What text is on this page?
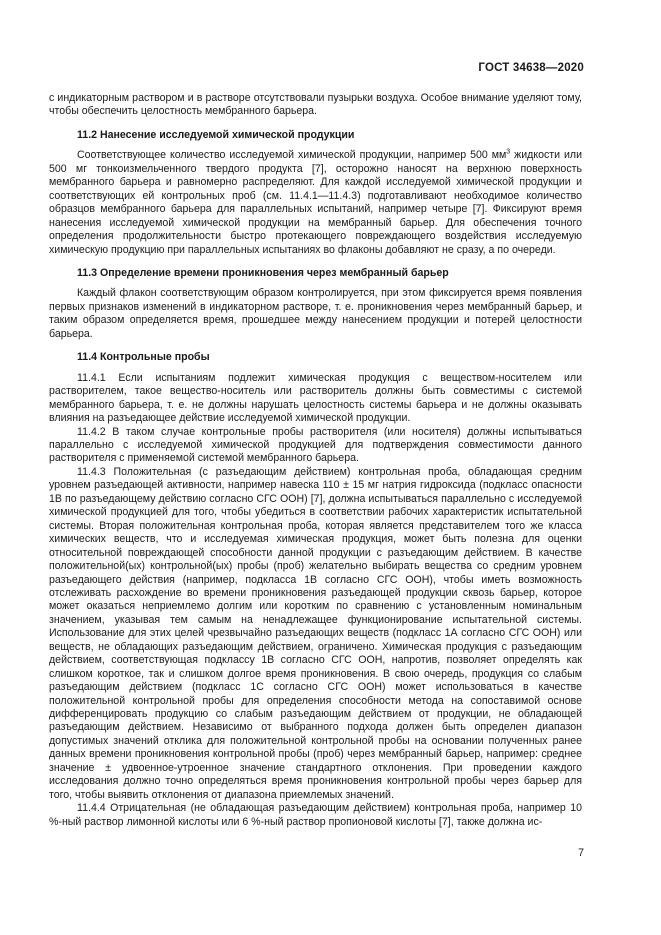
ГОСТ 34638—2020

с индикаторным раствором и в растворе отсутствовали пузырьки воздуха. Особое внимание уделяют тому, чтобы обеспечить целостность мембранного барьера.

11.2 Нанесение исследуемой химической продукции

Соответствующее количество исследуемой химической продукции, например 500 $мм^3$ жидкости или 500 мг тонкоизмельченного твердого продукта [7], осторожно наносят на верхнюю поверхность мембранного барьера и равномерно распределяют. Для каждой исследуемой химической продукции и соответствующих ей контрольных проб (см. 11.4.1—11.4.3) подготавливают необходимое количество образцов мембранного барьера для параллельных испытаний, например четыре [7]. Фиксируют время нанесения исследуемой химической продукции на мембранный барьер. Для обеспечения точного определения продолжительности быстро протекающего повреждающего воздействия исследуемую химическую продукцию при параллельных испытаниях во флаконы добавляют не сразу, а по очереди.

11.3 Определение времени проникновения через мембранный барьер

Каждый флакон соответствующим образом контролируется, при этом фиксируется время появления первых признаков изменений в индикаторном растворе, т. е. проникновения через мембранный барьер, и таким образом определяется время, прошедшее между нанесением продукции и потерей целостности барьера.

11.4 Контрольные пробы

11.4.1 Если испытаниям подлежит химическая продукция с веществом-носителем или растворителем, такое вещество-носитель или растворитель должны быть совместимы с системой мембранного барьера, т. е. не должны нарушать целостность системы барьера и не должны оказывать влияния на разъедающее действие исследуемой химической продукции.

11.4.2 В таком случае контрольные пробы растворителя (или носителя) должны испытываться параллельно с исследуемой химической продукцией для подтверждения совместимости данного растворителя с применяемой системой мембранного барьера.

11.4.3 Положительная (с разъедающим действием) контрольная проба, обладающая средним уровнем разъедающей активности, например навеска 110 ± 15 мг натрия гидроксида (подкласс опасности 1В по разъедающему действию согласно СГС ООН) [7], должна испытываться параллельно с исследуемой химической продукцией для того, чтобы убедиться в соответствии рабочих характеристик испытательной системы. Вторая положительная контрольная проба, которая является представителем того же класса химических веществ, что и исследуемая химическая продукция, может быть полезна для оценки относительной повреждающей способности данной продукции с разъедающим действием. В качестве положительной(ых) контрольной(ых) пробы (проб) желательно выбирать вещества со средним уровнем разъедающего действия (например, подкласса 1В согласно СГС ООН), чтобы иметь возможность отслеживать расхождение во времени проникновения разъедающей продукции сквозь барьер, которое может оказаться неприемлемо долгим или коротким по сравнению с установленным номинальным значением, указывая тем самым на ненадлежащее функционирование испытательной системы. Использование для этих целей чрезвычайно разъедающих веществ (подкласс 1А согласно СГС ООН) или веществ, не обладающих разъедающим действием, ограничено. Химическая продукция с разъедающим действием, соответствующая подклассу 1В согласно СГС ООН, напротив, позволяет определять как слишком короткое, так и слишком долгое время проникновения. В свою очередь, продукция со слабым разъедающим действием (подкласс 1С согласно СГС ООН) может использоваться в качестве положительной контрольной пробы для определения способности метода на сопоставимой основе дифференцировать продукцию со слабым разъедающим действием от продукции, не обладающей разъедающим действием. Независимо от выбранного подхода должен быть определен диапазон допустимых значений отклика для положительной контрольной пробы на основании полученных ранее данных времени проникновения контрольной пробы (проб) через мембранный барьер, например: среднее значение ± удвоенное-утроенное значение стандартного отклонения. При проведении каждого исследования должно точно определяться время проникновения контрольной пробы через барьер для того, чтобы выявить отклонения от диапазона приемлемых значений.

11.4.4 Отрицательная (не обладающая разъедающим действием) контрольная проба, например 10 %-ный раствор лимонной кислоты или 6 %-ный раствор пропионовой кислоты [7], также должна ис-

7
